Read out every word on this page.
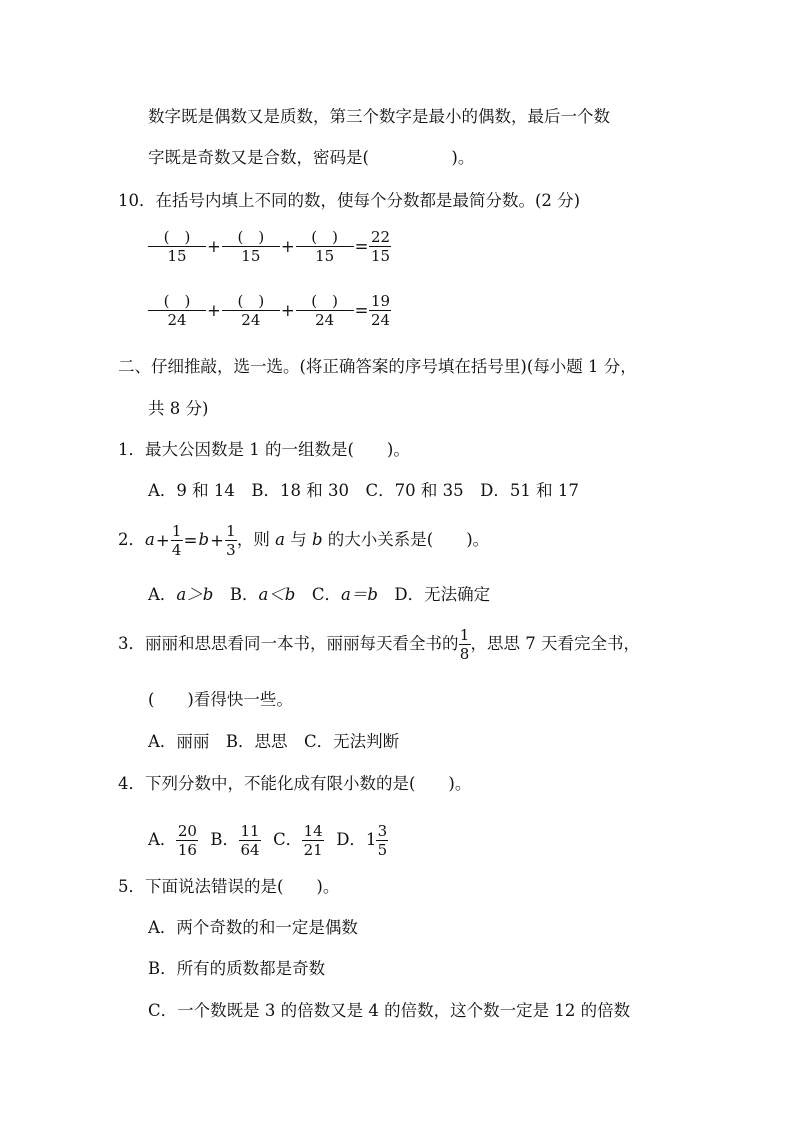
数字既是偶数又是质数，第三个数字是最小的偶数，最后一个数
字既是奇数又是合数，密码是(　　　　　)。
10．在括号内填上不同的数，使每个分数都是最简分数。(2 分)
$\frac{( )}{15} + \frac{( )}{15} + \frac{( )}{15} = \frac{22}{15}$
$\frac{( )}{24} + \frac{( )}{24} + \frac{( )}{24} = \frac{19}{24}$
二、仔细推敲，选一选。(将正确答案的序号填在括号里)(每小题 1 分，
共 8 分)
1．最大公因数是 1 的一组数是(　　)。
A．9 和 14　B．18 和 30　C．70 和 35　D．51 和 17
2．$a+ \frac{1}{4} =b+ \frac{1}{3}$ ，则 a 与 b 的大小关系是(　　)。
A．a＞b　B．a＜b　C．a＝b　D．无法确定
3．丽丽和思思看同一本书，丽丽每天看全书的 $\frac{1}{8}$ ，思思 7 天看完全书，
(　　)看得快一些。
A．丽丽　B．思思　C．无法判断
4．下列分数中，不能化成有限小数的是(　　)。
A． $\frac{20}{16}$ B． $\frac{11}{64}$ C． $\frac{14}{21}$ D．$1 \frac{3}{5}$
5．下面说法错误的是(　　)。
A．两个奇数的和一定是偶数
B．所有的质数都是奇数
C．一个数既是 3 的倍数又是 4 的倍数，这个数一定是 12 的倍数
